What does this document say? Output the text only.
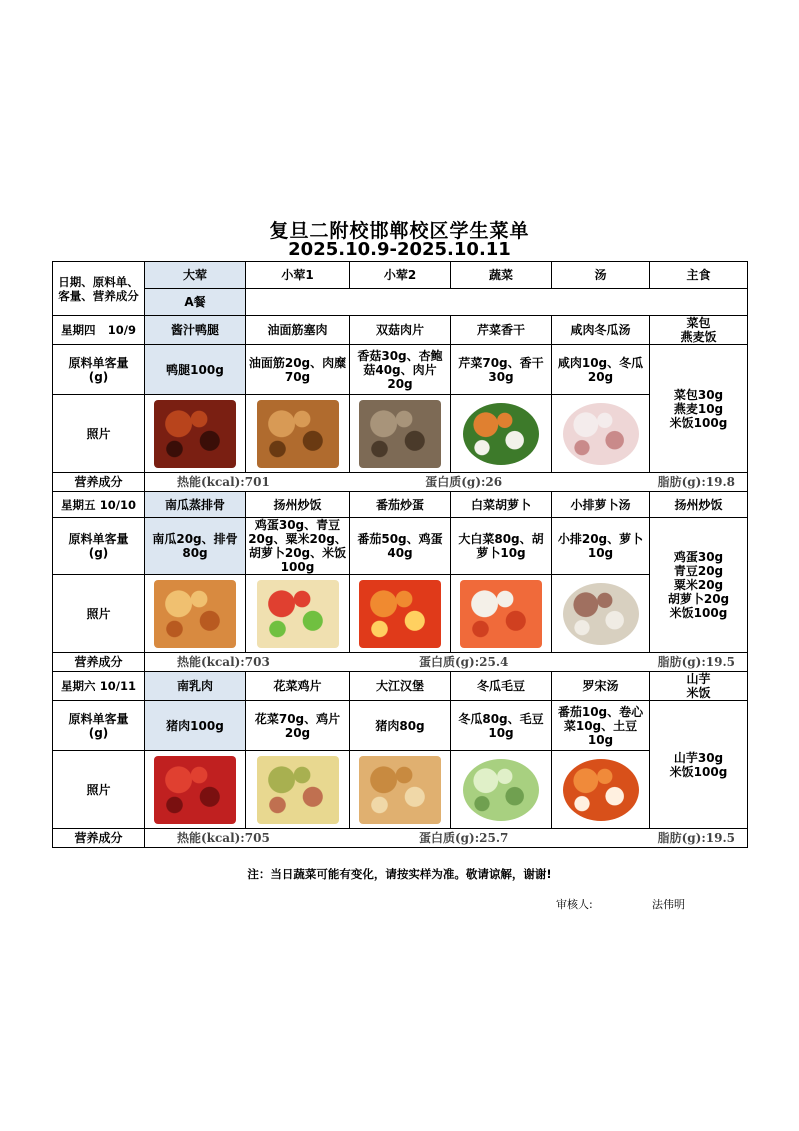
复旦二附校邯郸校区学生菜单
2025.10.9-2025.10.11
日期、原料单、客量、营养成分	大荤	小荤1	小荤2	蔬菜	汤	主食
	A餐					

星期四 10/9	酱汁鸭腿	油面筋塞肉	双菇肉片	芹菜香干	咸肉冬瓜汤	菜包
燕麦饭
原料单客量
(g)	鸭腿100g	油面筋20g、肉糜70g	香菇30g、杏鲍菇40g、肉片20g	芹菜70g、香干30g	咸肉10g、冬瓜20g	菜包30g
燕麦10g
米饭100g
照片		

营养成分	热能(kcal):701 蛋白质(g):26 脂肪(g):19.8					

星期五 10/10	南瓜蒸排骨	扬州炒饭	番茄炒蛋	白菜胡萝卜	小排萝卜汤	扬州炒饭
原料单客量
(g)	南瓜20g、排骨80g	鸡蛋30g、青豆20g、粟米20g、胡萝卜20g、米饭100g	番茄50g、鸡蛋40g	大白菜80g、胡萝卜10g	小排20g、萝卜10g	鸡蛋30g
青豆20g
粟米20g
胡萝卜20g
米饭100g
照片		

营养成分	热能(kcal):703 蛋白质(g):25.4 脂肪(g):19.5					

星期六 10/11	南乳肉	花菜鸡片	大江汉堡	冬瓜毛豆	罗宋汤	山芋
米饭
原料单客量
(g)	猪肉100g	花菜70g、鸡片20g	猪肉80g	冬瓜80g、毛豆10g	番茄10g、卷心菜10g、土豆10g	山芋30g
米饭100g
照片		

营养成分	热能(kcal):705 蛋白质(g):25.7 脂肪(g):19.5					
注：当日蔬菜可能有变化，请按实样为准。敬请谅解，谢谢!
审核人:	法伟明
